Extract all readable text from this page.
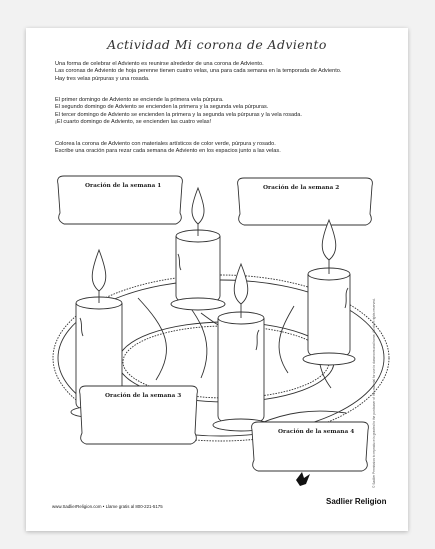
Actividad Mi corona de Adviento
Una forma de celebrar el Adviento es reunirse alrededor de una corona de Adviento.
Las coronas de Adviento de hoja perenne tienen cuatro velas, una para cada semana en la temporada de Adviento.
Hay tres velas púrpuras y una rosada.
El primer domingo de Adviento se enciende la primera vela púrpura.
El segundo domingo de Adviento se encienden la primera y la segunda vela púrpuras.
El tercer domingo de Adviento se encienden la primera y la segunda vela púrpuras y la vela rosada.
¡El cuarto domingo de Adviento, se encienden las cuatro velas!
Colorea la corona de Adviento con materiales artísticos de color verde, púrpura y rosado.
Escribe una oración para rezar cada semana de Adviento en los espacios junto a las velas.
Oración de la semana 1	Oración de la semana 2
Oración de la semana 3
Oración de la semana 4
www.SadlierReligion.com • Llame gratis al 800-221-5175
Sadlier Religion
© Sadlier Permission to reproduce is granted to the purchaser of this material for use in classroom and home. All other rights reserved.
